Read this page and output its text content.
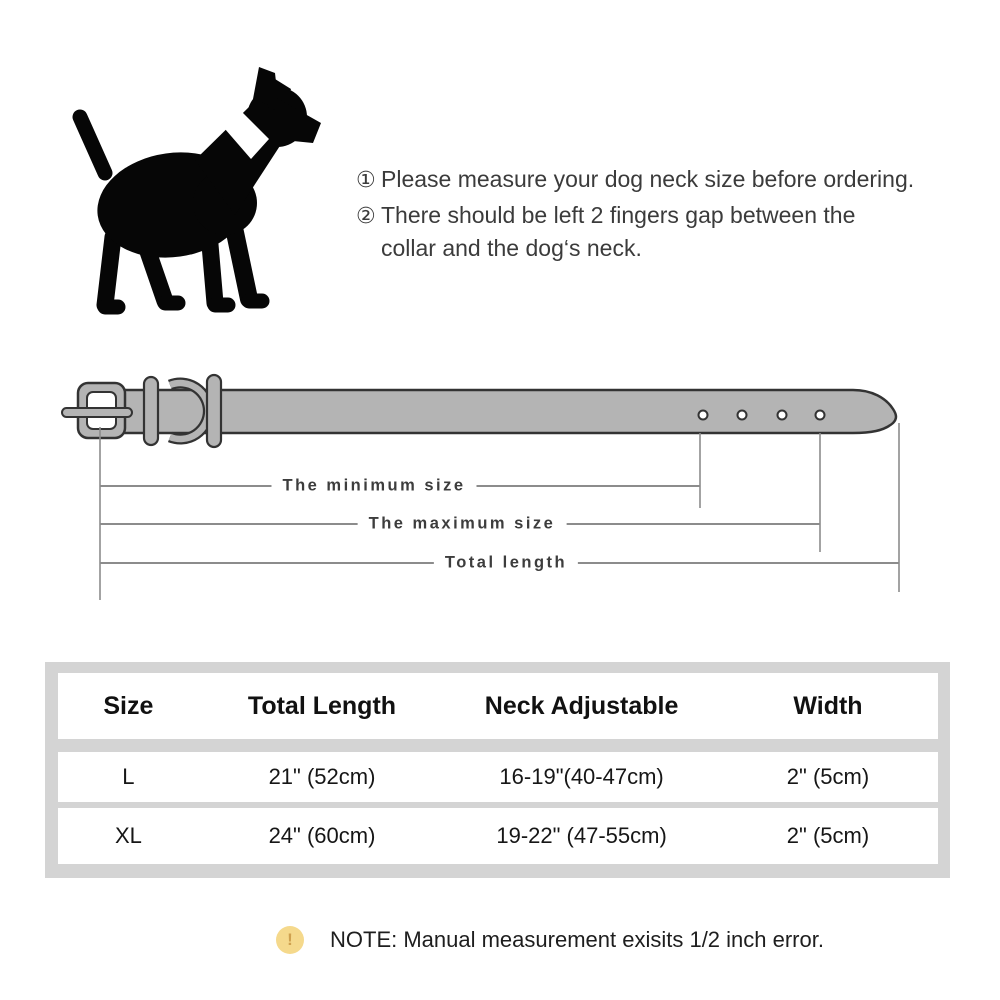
① Please measure your dog neck size before ordering.
② There should be left 2 fingers gap between the
collar and the dog‘s neck.
The minimum size
The maximum size
Total length
Size	Total Length	Neck Adjustable	Width
L	21" (52cm)	16-19"(40-47cm)	2" (5cm)
XL	24" (60cm)	19-22" (47-55cm)	2" (5cm)
!	NOTE: Manual measurement exisits 1/2 inch error.
